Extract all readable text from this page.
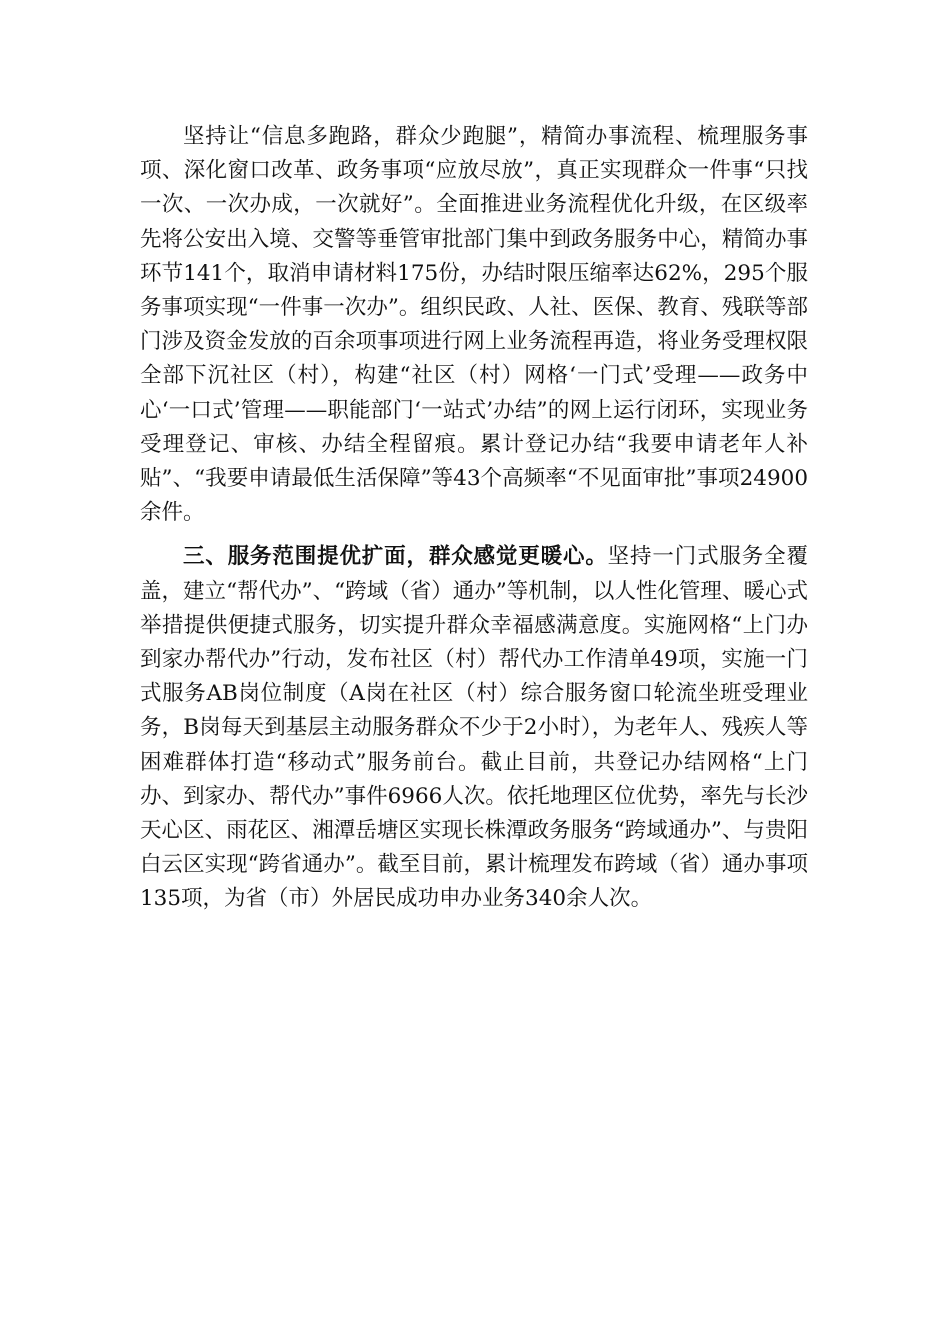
坚持让“信息多跑路，群众少跑腿”，精简办事流程、梳理服务事项、深化窗口改革、政务事项“应放尽放”，真正实现群众一件事“只找一次、一次办成，一次就好”。全面推进业务流程优化升级，在区级率先将公安出入境、交警等垂管审批部门集中到政务服务中心，精简办事环节141个，取消申请材料175份，办结时限压缩率达62%，295个服务事项实现“一件事一次办”。组织民政、人社、医保、教育、残联等部门涉及资金发放的百余项事项进行网上业务流程再造，将业务受理权限全部下沉社区（村），构建“社区（村）网格‘一门式’受理——政务中心‘一口式’管理——职能部门‘一站式’办结”的网上运行闭环，实现业务受理登记、审核、办结全程留痕。累计登记办结“我要申请老年人补贴”、“我要申请最低生活保障”等43个高频率“不见面审批”事项24900余件。

三、服务范围提优扩面，群众感觉更暖心。坚持一门式服务全覆盖，建立“帮代办”、“跨域（省）通办”等机制，以人性化管理、暖心式举措提供便捷式服务，切实提升群众幸福感满意度。实施网格“上门办到家办帮代办”行动，发布社区（村）帮代办工作清单49项，实施一门式服务AB岗位制度（A岗在社区（村）综合服务窗口轮流坐班受理业务，B岗每天到基层主动服务群众不少于2小时），为老年人、残疾人等困难群体打造“移动式”服务前台。截止目前，共登记办结网格“上门办、到家办、帮代办”事件6966人次。依托地理区位优势，率先与长沙天心区、雨花区、湘潭岳塘区实现长株潭政务服务“跨域通办”、与贵阳白云区实现“跨省通办”。截至目前，累计梳理发布跨域（省）通办事项135项，为省（市）外居民成功申办业务340余人次。
